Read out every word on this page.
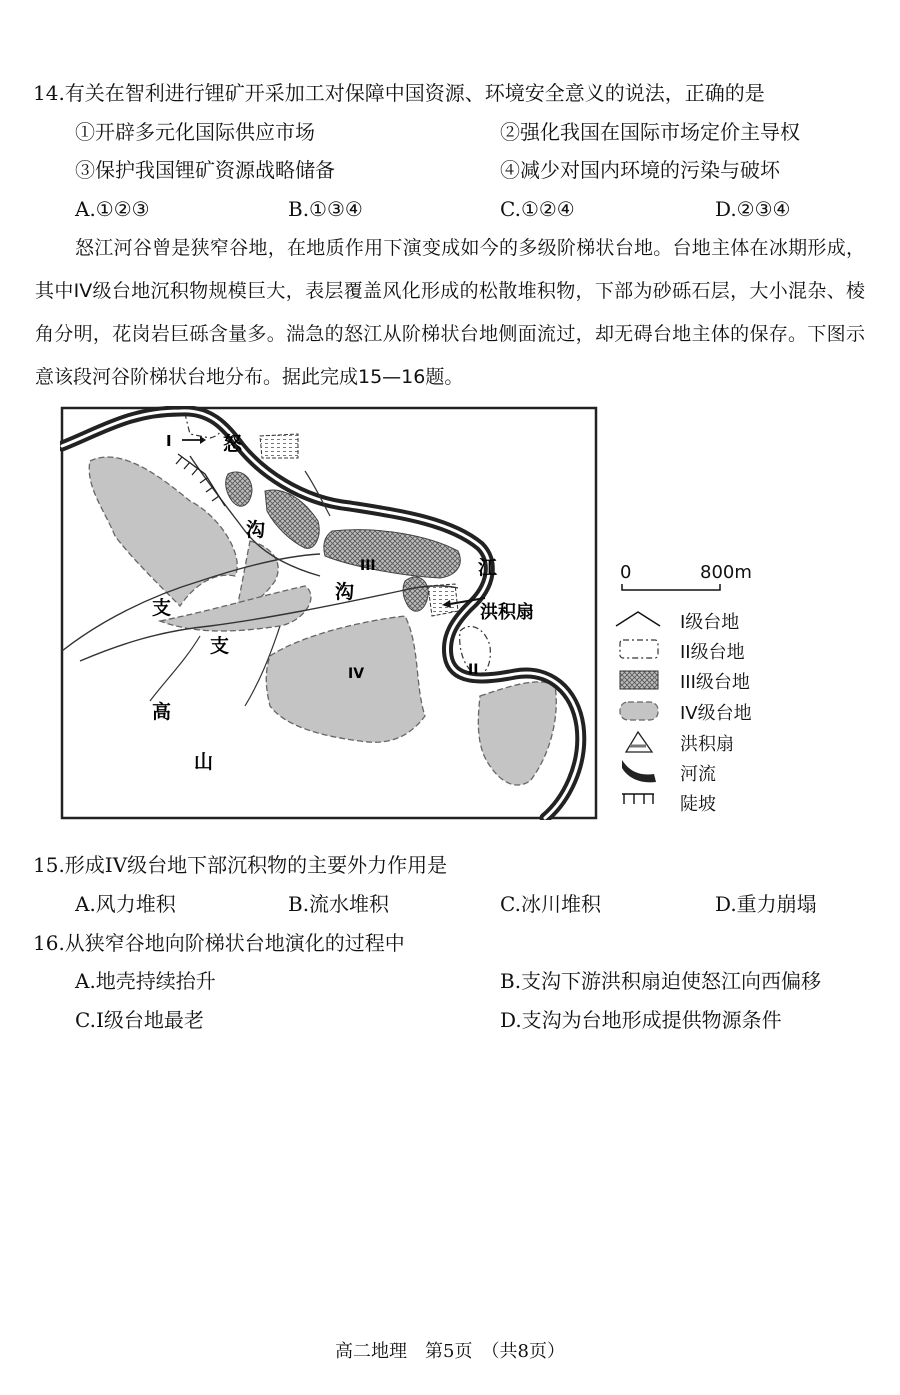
14.有关在智利进行锂矿开采加工对保障中国资源、环境安全意义的说法，正确的是
①开辟多元化国际供应市场	②强化我国在国际市场定价主导权
③保护我国锂矿资源战略储备	④减少对国内环境的污染与破坏
A.①②③	B.①③④	C.①②④	D.②③④
怒江河谷曾是狭窄谷地，在地质作用下演变成如今的多级阶梯状台地。台地主体在冰期形成，其中IV级台地沉积物规模巨大，表层覆盖风化形成的松散堆积物，下部为砂砾石层，大小混杂、棱角分明，花岗岩巨砾含量多。湍急的怒江从阶梯状台地侧面流过，却无碍台地主体的保存。下图示意该段河谷阶梯状台地分布。据此完成15—16题。
I	怒
沟
III	江
沟
支
支
洪积扇
II
IV
高
山
0	800m
I级台地
II级台地
III级台地
IV级台地
洪积扇
河流
陡坡
15.形成IV级台地下部沉积物的主要外力作用是
A.风力堆积	B.流水堆积	C.冰川堆积	D.重力崩塌
16.从狭窄谷地向阶梯状台地演化的过程中
A.地壳持续抬升	B.支沟下游洪积扇迫使怒江向西偏移
C.I级台地最老	D.支沟为台地形成提供物源条件
高二地理　第5页　（共8页）
